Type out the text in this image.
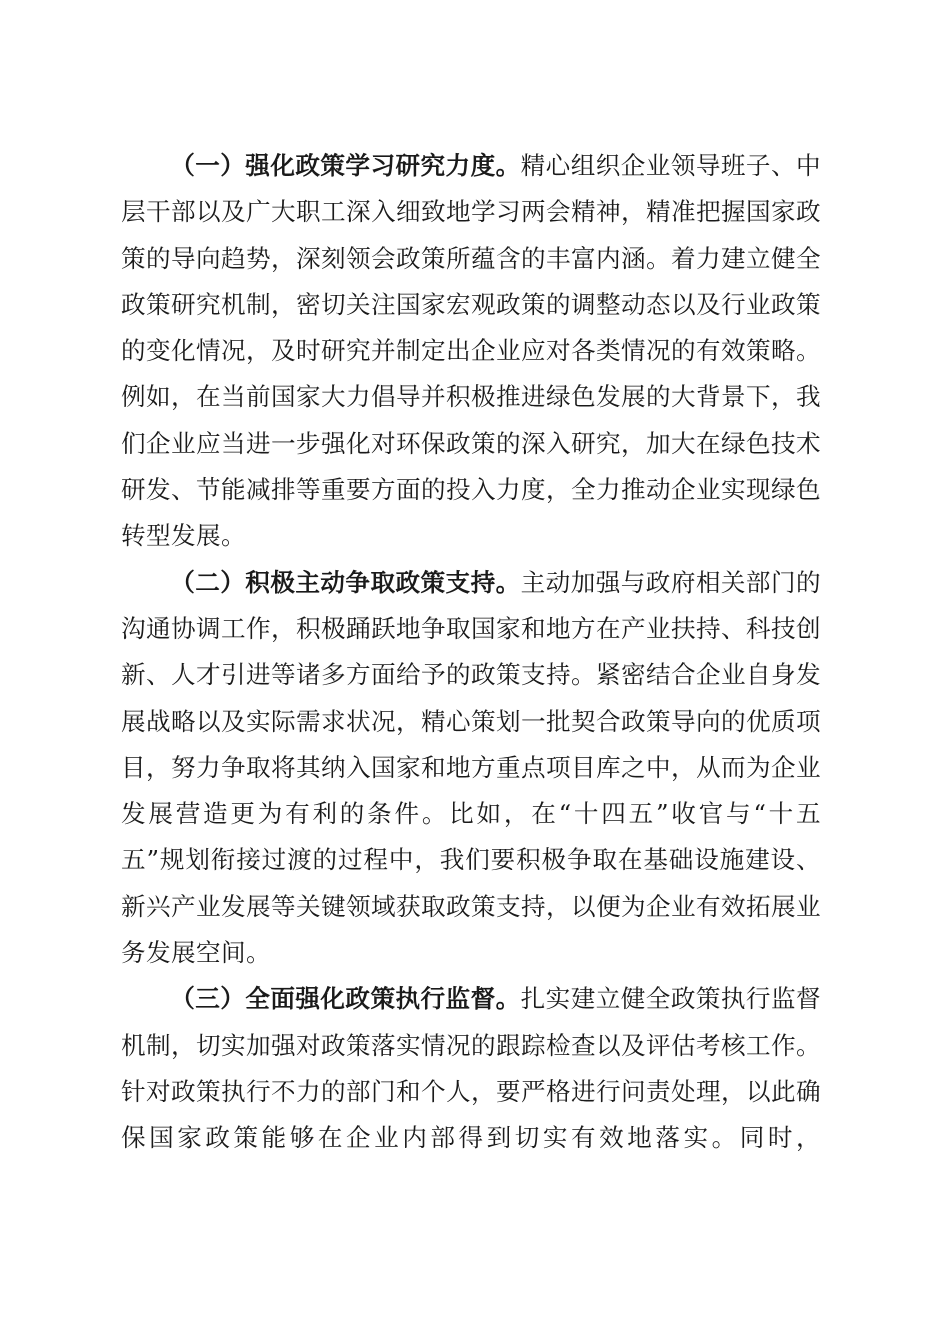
（一）强化政策学习研究力度。精心组织企业领导班子、中层干部以及广大职工深入细致地学习两会精神，精准把握国家政策的导向趋势，深刻领会政策所蕴含的丰富内涵。着力建立健全政策研究机制，密切关注国家宏观政策的调整动态以及行业政策的变化情况，及时研究并制定出企业应对各类情况的有效策略。例如，在当前国家大力倡导并积极推进绿色发展的大背景下，我们企业应当进一步强化对环保政策的深入研究，加大在绿色技术研发、节能减排等重要方面的投入力度，全力推动企业实现绿色转型发展。

（二）积极主动争取政策支持。主动加强与政府相关部门的沟通协调工作，积极踊跃地争取国家和地方在产业扶持、科技创新、人才引进等诸多方面给予的政策支持。紧密结合企业自身发展战略以及实际需求状况，精心策划一批契合政策导向的优质项目，努力争取将其纳入国家和地方重点项目库之中，从而为企业发展营造更为有利的条件。比如，在“十四五”收官与“十五五”规划衔接过渡的过程中，我们要积极争取在基础设施建设、新兴产业发展等关键领域获取政策支持，以便为企业有效拓展业务发展空间。

（三）全面强化政策执行监督。扎实建立健全政策执行监督机制，切实加强对政策落实情况的跟踪检查以及评估考核工作。针对政策执行不力的部门和个人，要严格进行问责处理，以此确保国家政策能够在企业内部得到切实有效地落实。同时，
